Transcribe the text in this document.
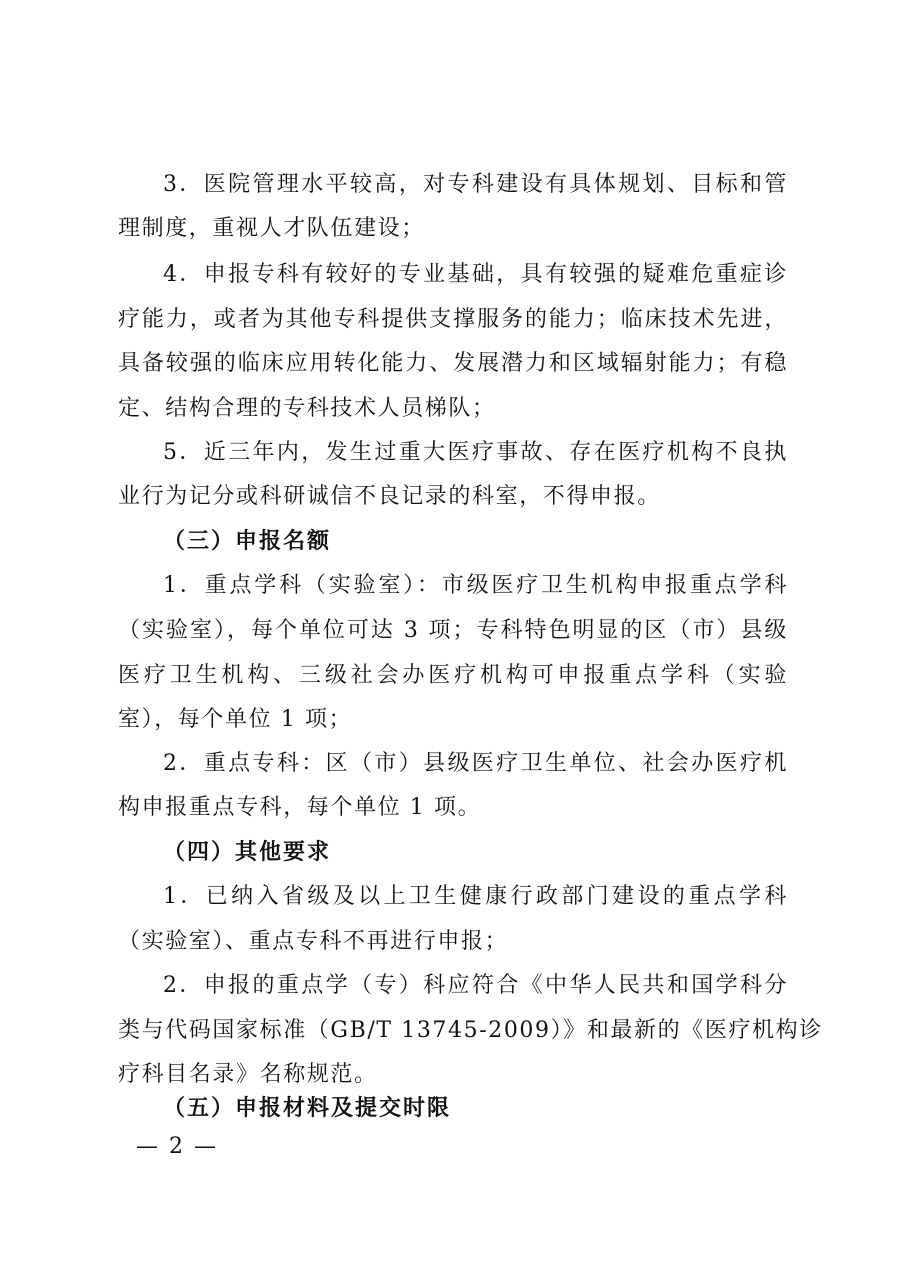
3．医院管理水平较高，对专科建设有具体规划、目标和管
理制度，重视人才队伍建设；
4．申报专科有较好的专业基础，具有较强的疑难危重症诊
疗能力，或者为其他专科提供支撑服务的能力；临床技术先进，
具备较强的临床应用转化能力、发展潜力和区域辐射能力；有稳
定、结构合理的专科技术人员梯队；
5．近三年内，发生过重大医疗事故、存在医疗机构不良执
业行为记分或科研诚信不良记录的科室，不得申报。
（三）申报名额
1．重点学科（实验室）：市级医疗卫生机构申报重点学科
（实验室），每个单位可达 3 项；专科特色明显的区（市）县级
医疗卫生机构、三级社会办医疗机构可申报重点学科（实验
室），每个单位 1 项；
2．重点专科：区（市）县级医疗卫生单位、社会办医疗机
构申报重点专科，每个单位 1 项。
（四）其他要求
1．已纳入省级及以上卫生健康行政部门建设的重点学科
（实验室）、重点专科不再进行申报；
2．申报的重点学（专）科应符合《中华人民共和国学科分
类与代码国家标准（GB/T 13745-2009）》和最新的《医疗机构诊
疗科目名录》名称规范。
（五）申报材料及提交时限
— 2 —
